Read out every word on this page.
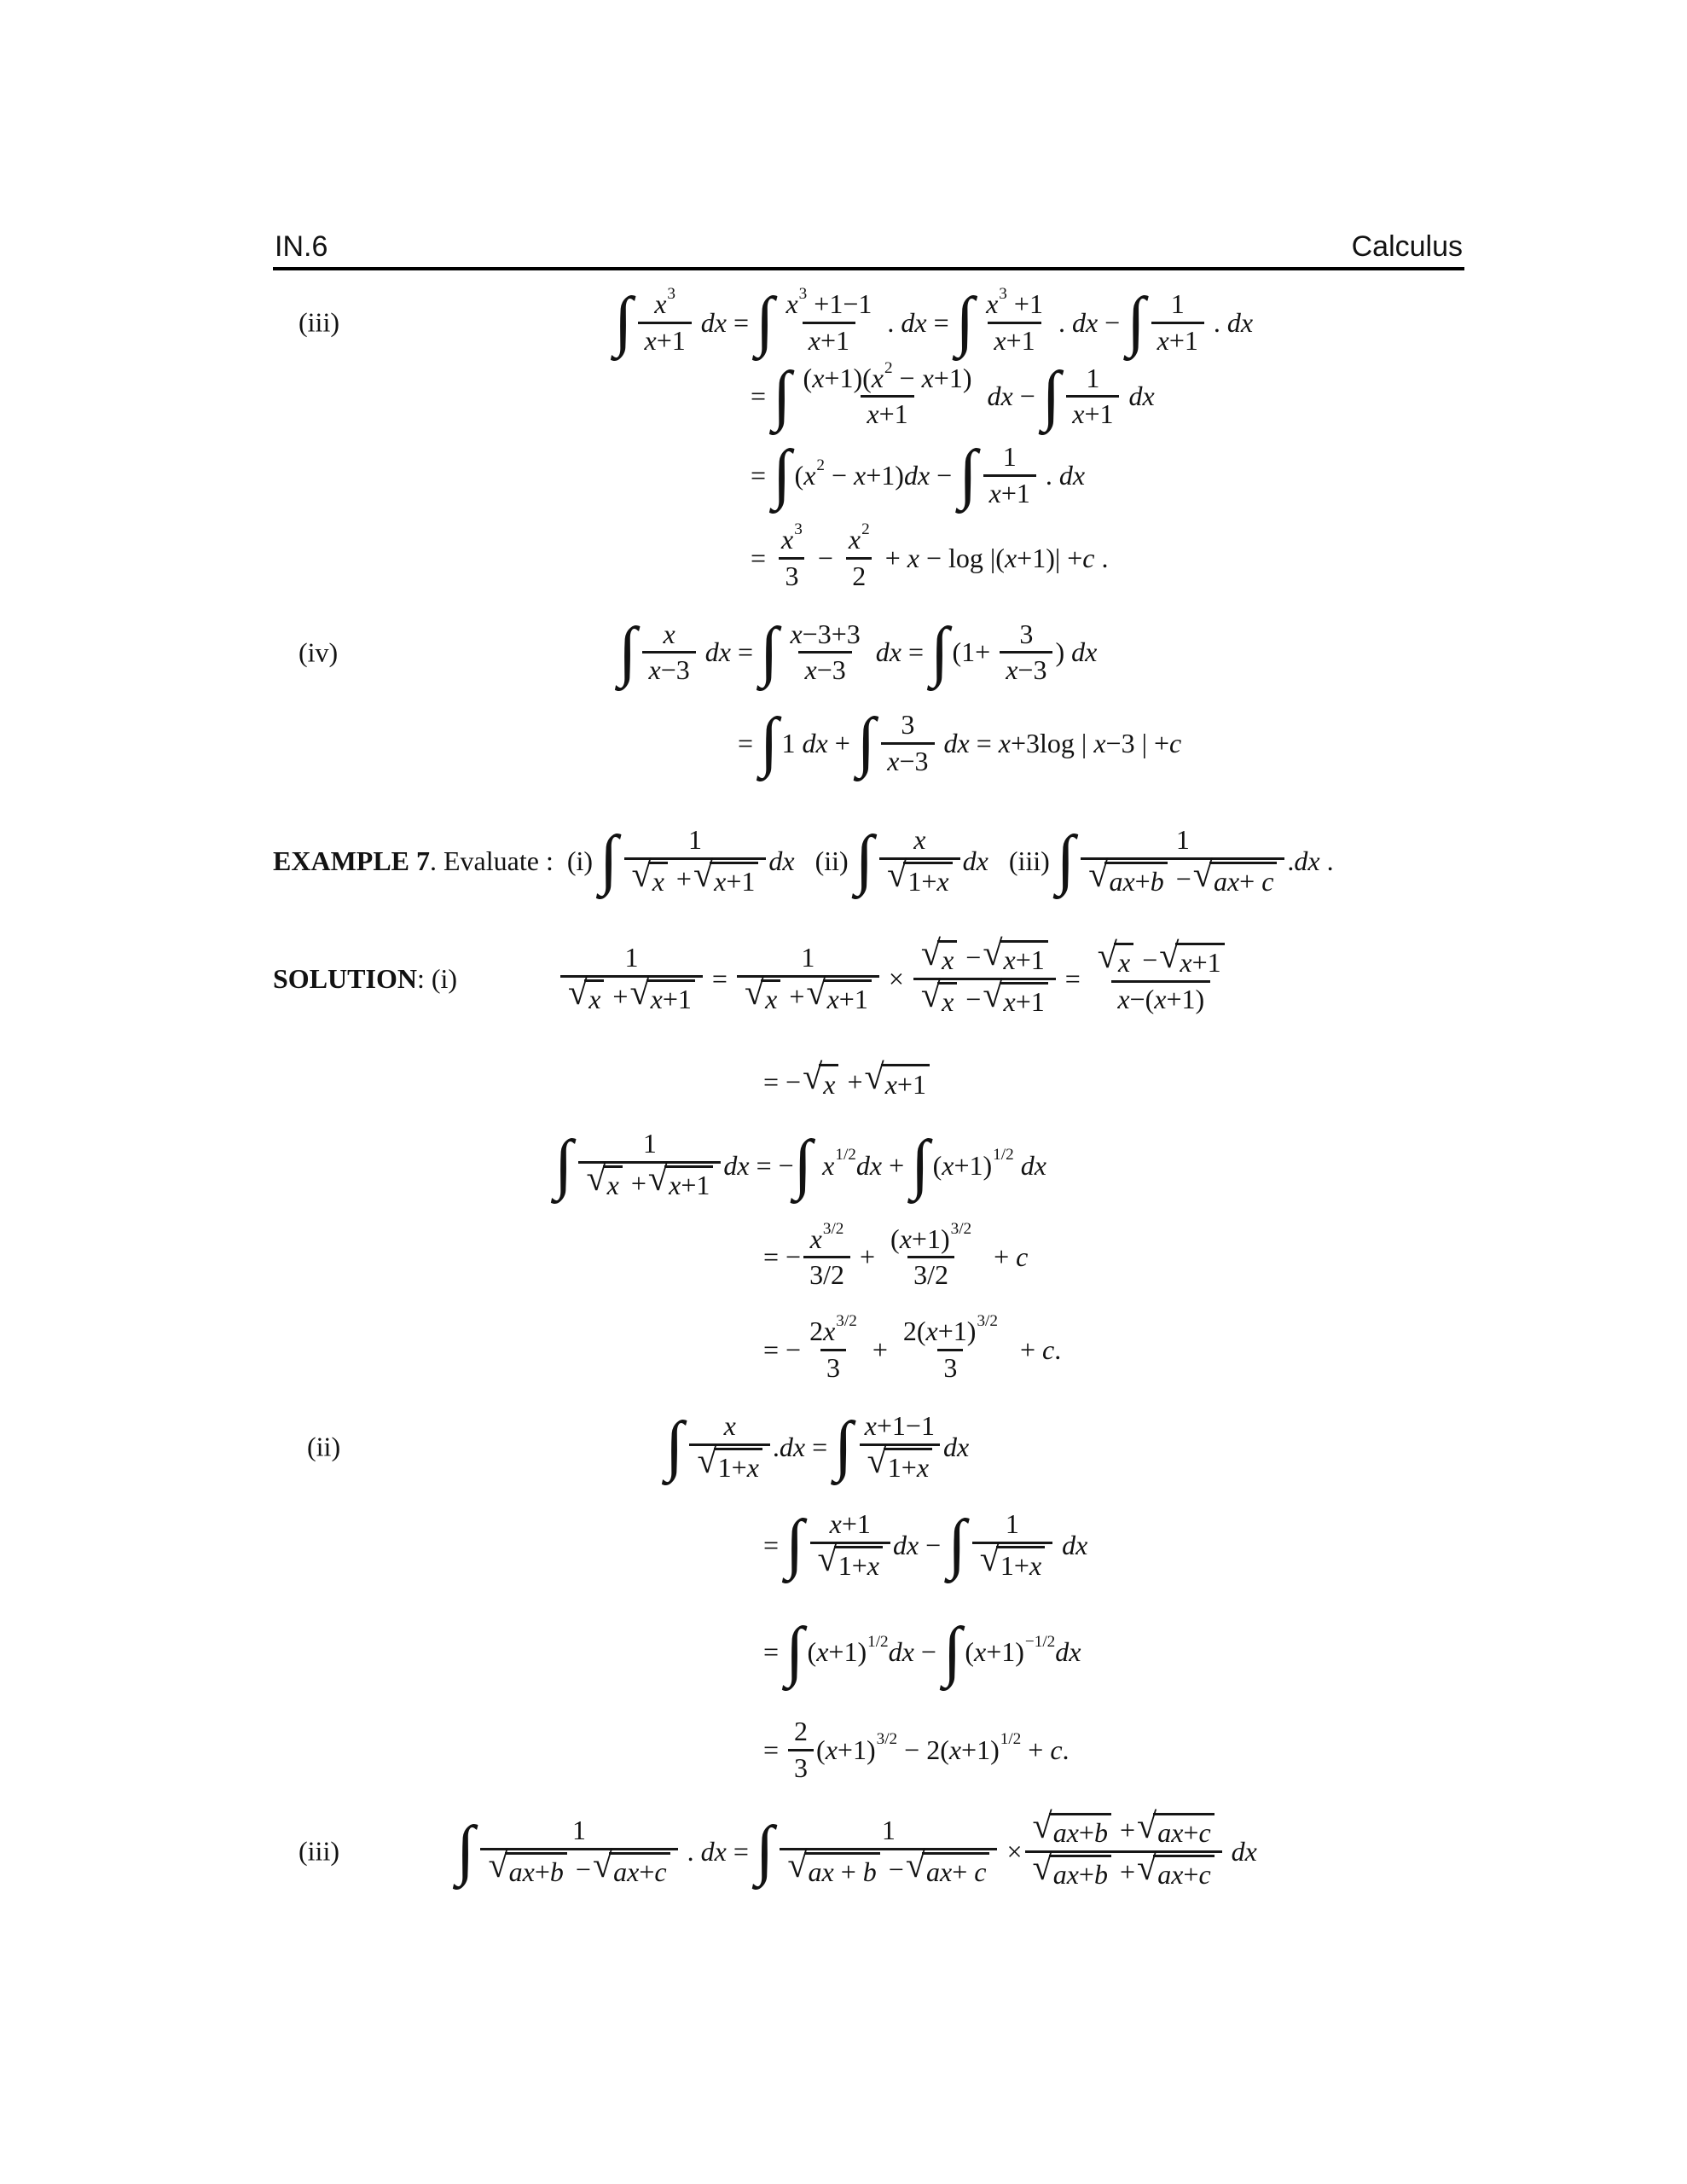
IN.6	Calculus
(iii)	∫ $\frac{x ^3}{x+1}$ dx = ∫ $\frac{x ^3 +1-1}{x+1}$ . dx = ∫ $\frac{x ^3 +1}{x+1}$ . dx − ∫ $\frac{1}{x+1}$ . dx
= ∫ $\frac{(x+1)(x ^2 - x+1)}{x+1}$ dx − ∫ $\frac{1}{x+1}$ dx
= ∫ (x $^2$ − x+1)dx − ∫ $\frac{1}{x+1}$ . dx
= $\frac{x ^3}{3} - \frac{x ^2}{2} + x - \log |(x+1)| +c$ .
(iv)	∫ $\frac{x}{x-3}$ dx = ∫ $\frac{x-3+3}{x-3}$ dx = ∫ ($1+ \frac{3}{x-3}$ ) dx
= ∫ 1 dx + ∫ $\frac{3}{x-3}$ dx = x+3log | x−3 | +c
EXAMPLE 7 . Evaluate : (i) ∫ $\frac{1}{√ x + √ x+1}$ dx (ii) ∫ $\frac{x}{√ 1+x}$ dx (iii) ∫ $\frac{1}{√ ax+b - √ ax+ c} .dx$ .
SOLUTION : (i)	$\frac{1}{√ x + √ x+1} = \frac{1}{√ x + √ x+1} \times \frac{√ x - √ x+1}{√ x - √ x+1} = \frac{√ x - √ x+1}{x-(x+1)}$
= − √ x + √ x+1
∫ $\frac{1}{√ x + √ x+1}$ dx = − ∫ x $^{1/2}$ dx + ∫ (x+1) $^{1/2}$ dx
= − $\frac{x ^{3/2}}{3/2} + \frac{(x+1) ^{3/2}}{3/2} + c$
= − $\frac{2x ^{3/2}}{3} + \frac{2(x+1) ^{3/2}}{3} + c$.
(ii)	∫ $\frac{x}{√ 1+x} .dx$ = ∫ $\frac{x+1-1}{√ 1+x}$ dx
= ∫ $\frac{x+1}{√ 1+x}$ dx − ∫ $\frac{1}{√ 1+x}$ dx
= ∫ (x+1) $^{1/2}$ dx − ∫ (x+1) $^{-1/2}$ dx
= $\frac{2}{3} (x+1) ^{3/2} - 2(x+1) ^{1/2} + c$.
(iii) ∫ $\frac{1}{√ ax+b - √ ax+c}$ . dx = ∫ $\frac{1}{√ ax + b - √ ax+ c} \times \frac{√ ax+b + √ ax+c}{√ ax+b + √ ax+c}$ dx
